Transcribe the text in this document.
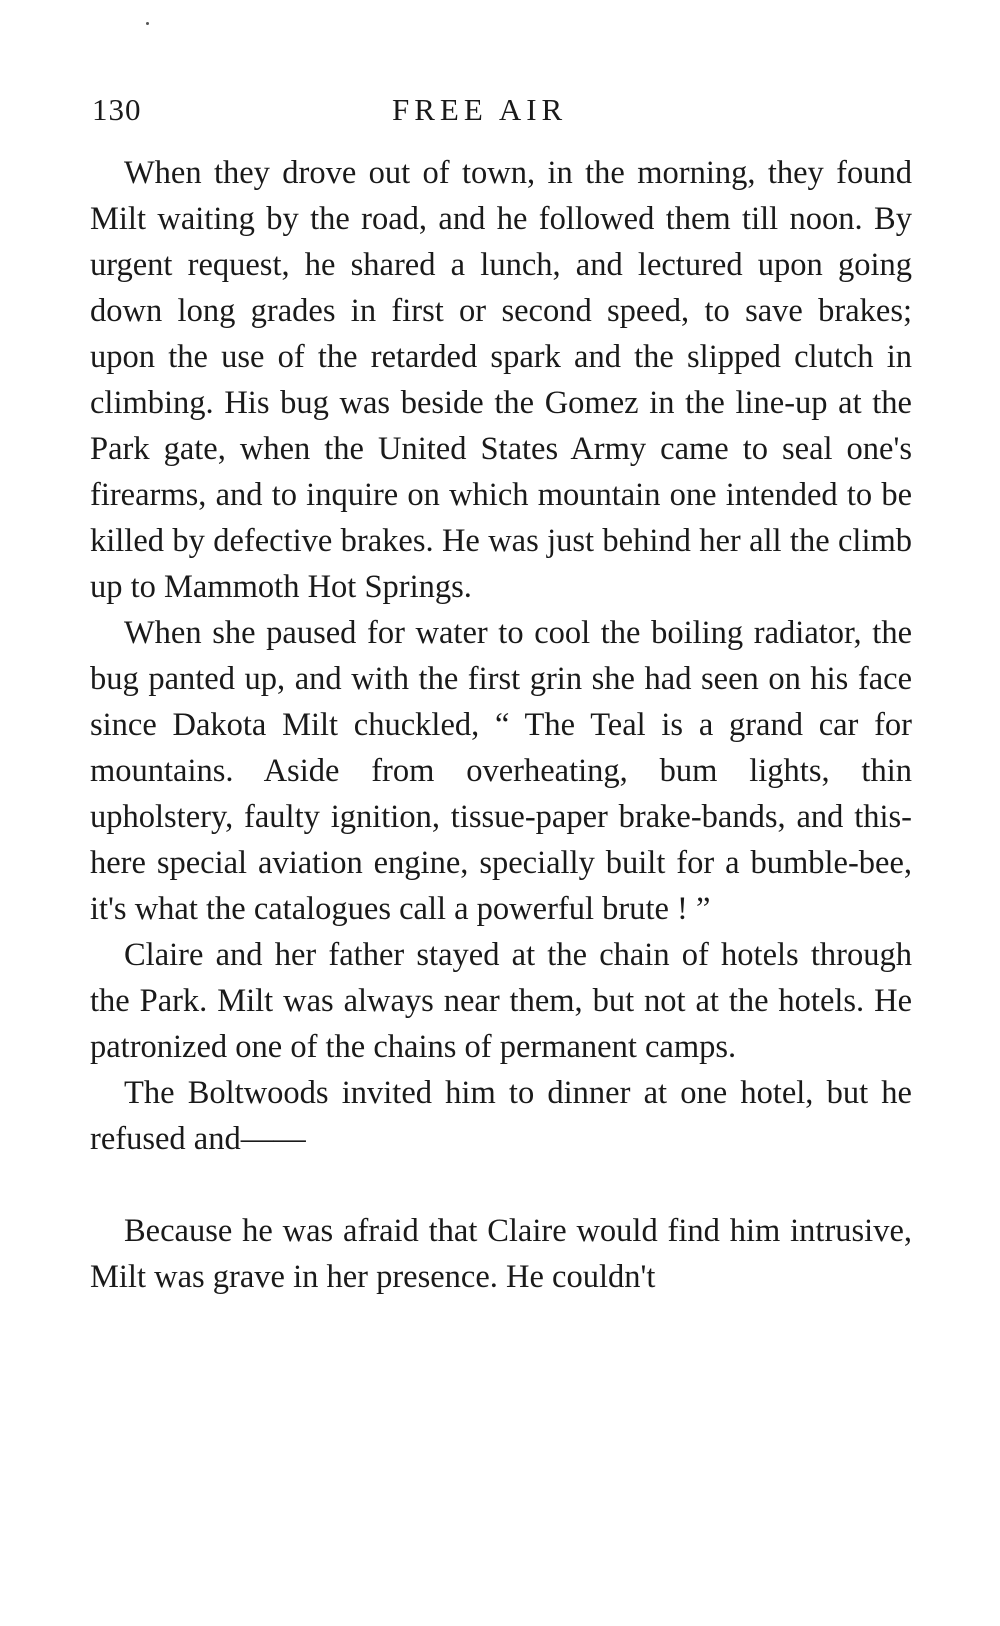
130	FREE AIR

When they drove out of town, in the morning, they found Milt waiting by the road, and he followed them till noon. By urgent request, he shared a lunch, and lectured upon going down long grades in first or second speed, to save brakes; upon the use of the retarded spark and the slipped clutch in climbing. His bug was beside the Gomez in the line-up at the Park gate, when the United States Army came to seal one's firearms, and to inquire on which mountain one intended to be killed by defective brakes. He was just behind her all the climb up to Mammoth Hot Springs.

When she paused for water to cool the boiling radiator, the bug panted up, and with the first grin she had seen on his face since Dakota Milt chuckled, “ The Teal is a grand car for mountains. Aside from overheating, bum lights, thin upholstery, faulty ignition, tissue-paper brake-bands, and this-here special aviation engine, specially built for a bumble-bee, it's what the catalogues call a powerful brute ! ”

Claire and her father stayed at the chain of hotels through the Park. Milt was always near them, but not at the hotels. He patronized one of the chains of permanent camps.

The Boltwoods invited him to dinner at one hotel, but he refused and——

Because he was afraid that Claire would find him intrusive, Milt was grave in her presence. He couldn't
